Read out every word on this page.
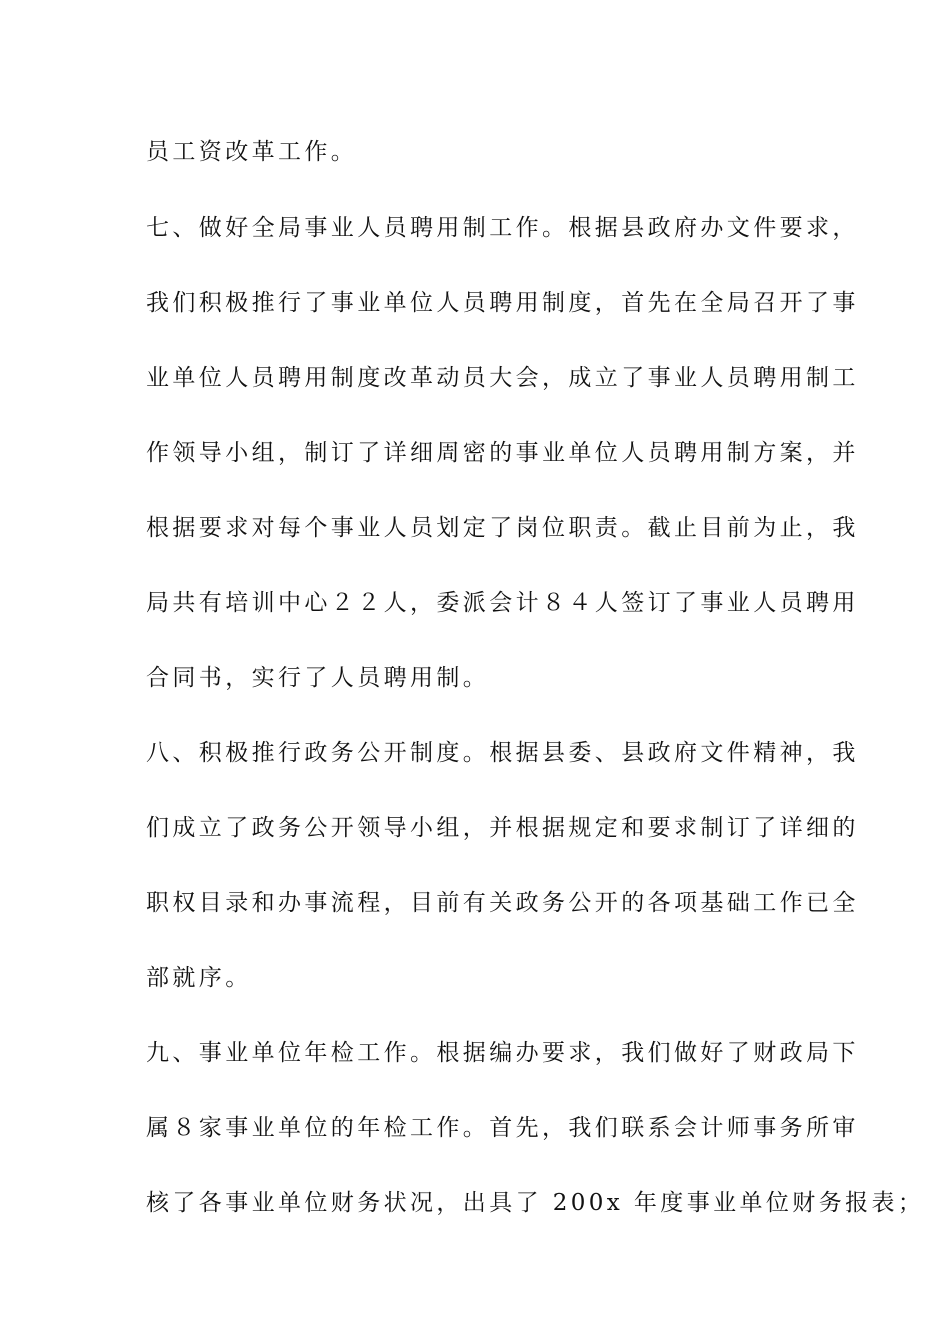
员工资改革工作。
七、做好全局事业人员聘用制工作。根据县政府办文件要求，
我们积极推行了事业单位人员聘用制度，首先在全局召开了事
业单位人员聘用制度改革动员大会，成立了事业人员聘用制工
作领导小组，制订了详细周密的事业单位人员聘用制方案，并
根据要求对每个事业人员划定了岗位职责。截止目前为止，我
局共有培训中心２２人，委派会计８４人签订了事业人员聘用
合同书，实行了人员聘用制。
八、积极推行政务公开制度。根据县委、县政府文件精神，我
们成立了政务公开领导小组，并根据规定和要求制订了详细的
职权目录和办事流程，目前有关政务公开的各项基础工作已全
部就序。
九、事业单位年检工作。根据编办要求，我们做好了财政局下
属８家事业单位的年检工作。首先，我们联系会计师事务所审
核了各事业单位财务状况，出具了 200x 年度事业单位财务报表；
